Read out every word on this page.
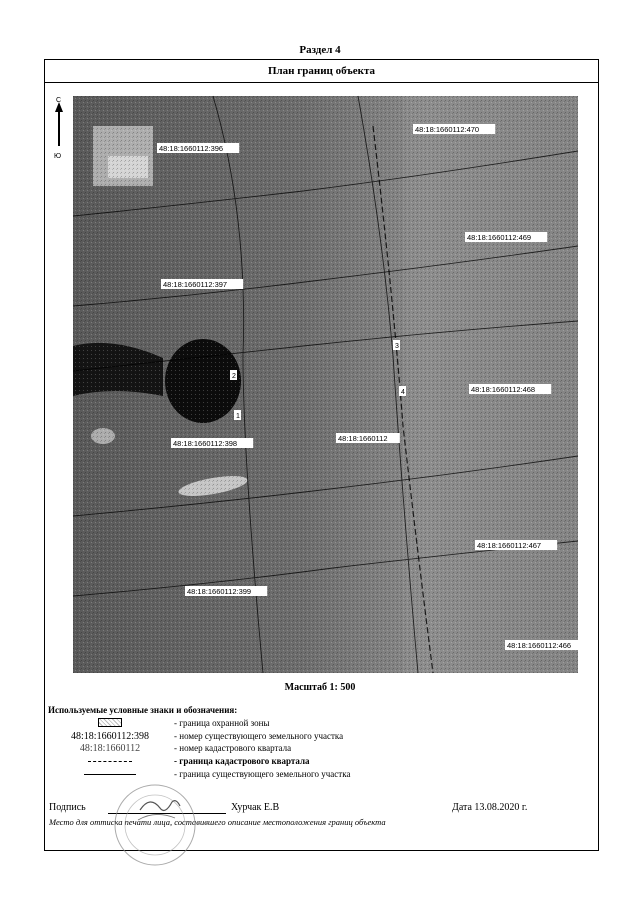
Раздел 4
План границ объекта
С
Ю
48:18:1660112:470
48:18:1660112:396
48:18:1660112:469
48:18:1660112:397
48:18:1660112:468
48:18:1660112:398
48:18:1660112
48:18:1660112:467
48:18:1660112:399
48:18:1660112:466
2
1
3
4
Масштаб 1: 500
Используемые условные знаки и обозначения:
- граница охранной зоны
48:18:1660112:398	- номер существующего земельного участка
48:18:1660112	- номер кадастрового квартала
- граница кадастрового квартала
- граница существующего земельного участка
Подпись	Хурчак Е.В	Дата 13.08.2020 г.
Место для оттиска печати лица, составившего описание местоположения границ объекта
